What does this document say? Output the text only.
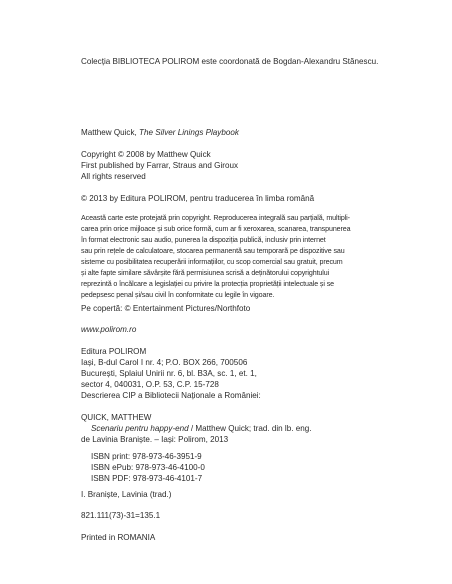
Colecția BIBLIOTECA POLIROM este coordonată de Bogdan-Alexandru Stănescu.
Matthew Quick, The Silver Linings Playbook
Copyright © 2008 by Matthew Quick
First published by Farrar, Straus and Giroux
All rights reserved
© 2013 by Editura POLIROM, pentru traducerea în limba română
Această carte este protejată prin copyright. Reproducerea integrală sau parțială, multipli-
carea prin orice mijloace și sub orice formă, cum ar fi xeroxarea, scanarea, transpunerea
în format electronic sau audio, punerea la dispoziția publică, inclusiv prin internet
sau prin rețele de calculatoare, stocarea permanentă sau temporară pe dispozitive sau
sisteme cu posibilitatea recuperării informațiilor, cu scop comercial sau gratuit, precum
și alte fapte similare săvârșite fără permisiunea scrisă a deținătorului copyrightului
reprezintă o încălcare a legislației cu privire la protecția proprietății intelectuale și se
pedepsesc penal și/sau civil în conformitate cu legile în vigoare.
Pe copertă: © Entertainment Pictures/Northfoto
www.polirom.ro
Editura POLIROM
Iași, B-dul Carol I nr. 4; P.O. BOX 266, 700506
București, Splaiul Unirii nr. 6, bl. B3A, sc. 1, et. 1,
sector 4, 040031, O.P. 53, C.P. 15-728
Descrierea CIP a Bibliotecii Naționale a României:
QUICK, MATTHEW
Scenariu pentru happy-end / Matthew Quick; trad. din lb. eng.
de Lavinia Braniște. – Iași: Polirom, 2013
ISBN print: 978-973-46-3951-9
ISBN ePub: 978-973-46-4100-0
ISBN PDF: 978-973-46-4101-7
I. Braniște, Lavinia (trad.)
821.111(73)-31=135.1
Printed in ROMANIA
